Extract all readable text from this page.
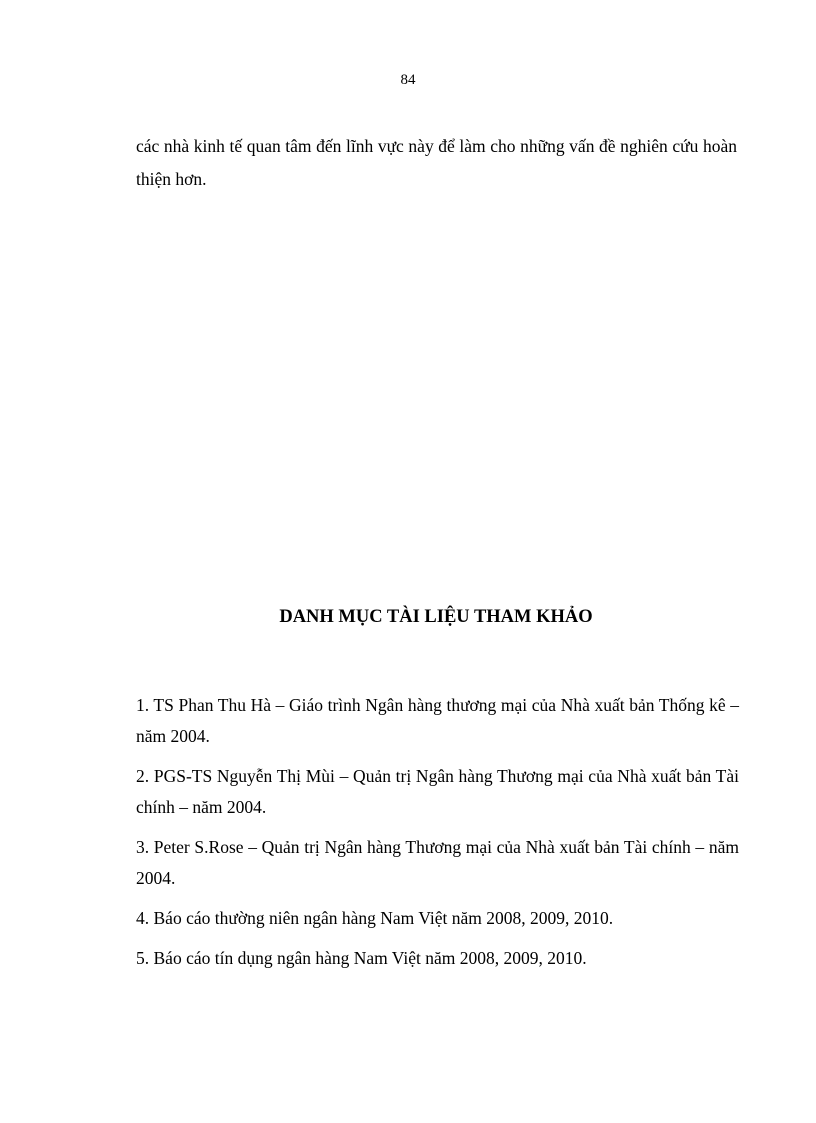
84

các nhà kinh tế quan tâm đến lĩnh vực này để làm cho những vấn đề nghiên cứu hoàn thiện hơn.

DANH MỤC TÀI LIỆU THAM KHẢO
1. TS Phan Thu Hà – Giáo trình Ngân hàng thương mại của Nhà xuất bản Thống kê – năm 2004.
2. PGS-TS Nguyễn Thị Mùi – Quản trị Ngân hàng Thương mại của Nhà xuất bản Tài chính – năm 2004.
3. Peter S.Rose – Quản trị Ngân hàng Thương mại của Nhà xuất bản Tài chính – năm 2004.
4. Báo cáo thường niên ngân hàng Nam Việt năm 2008, 2009, 2010.
5. Báo cáo tín dụng ngân hàng Nam Việt năm 2008, 2009, 2010.
